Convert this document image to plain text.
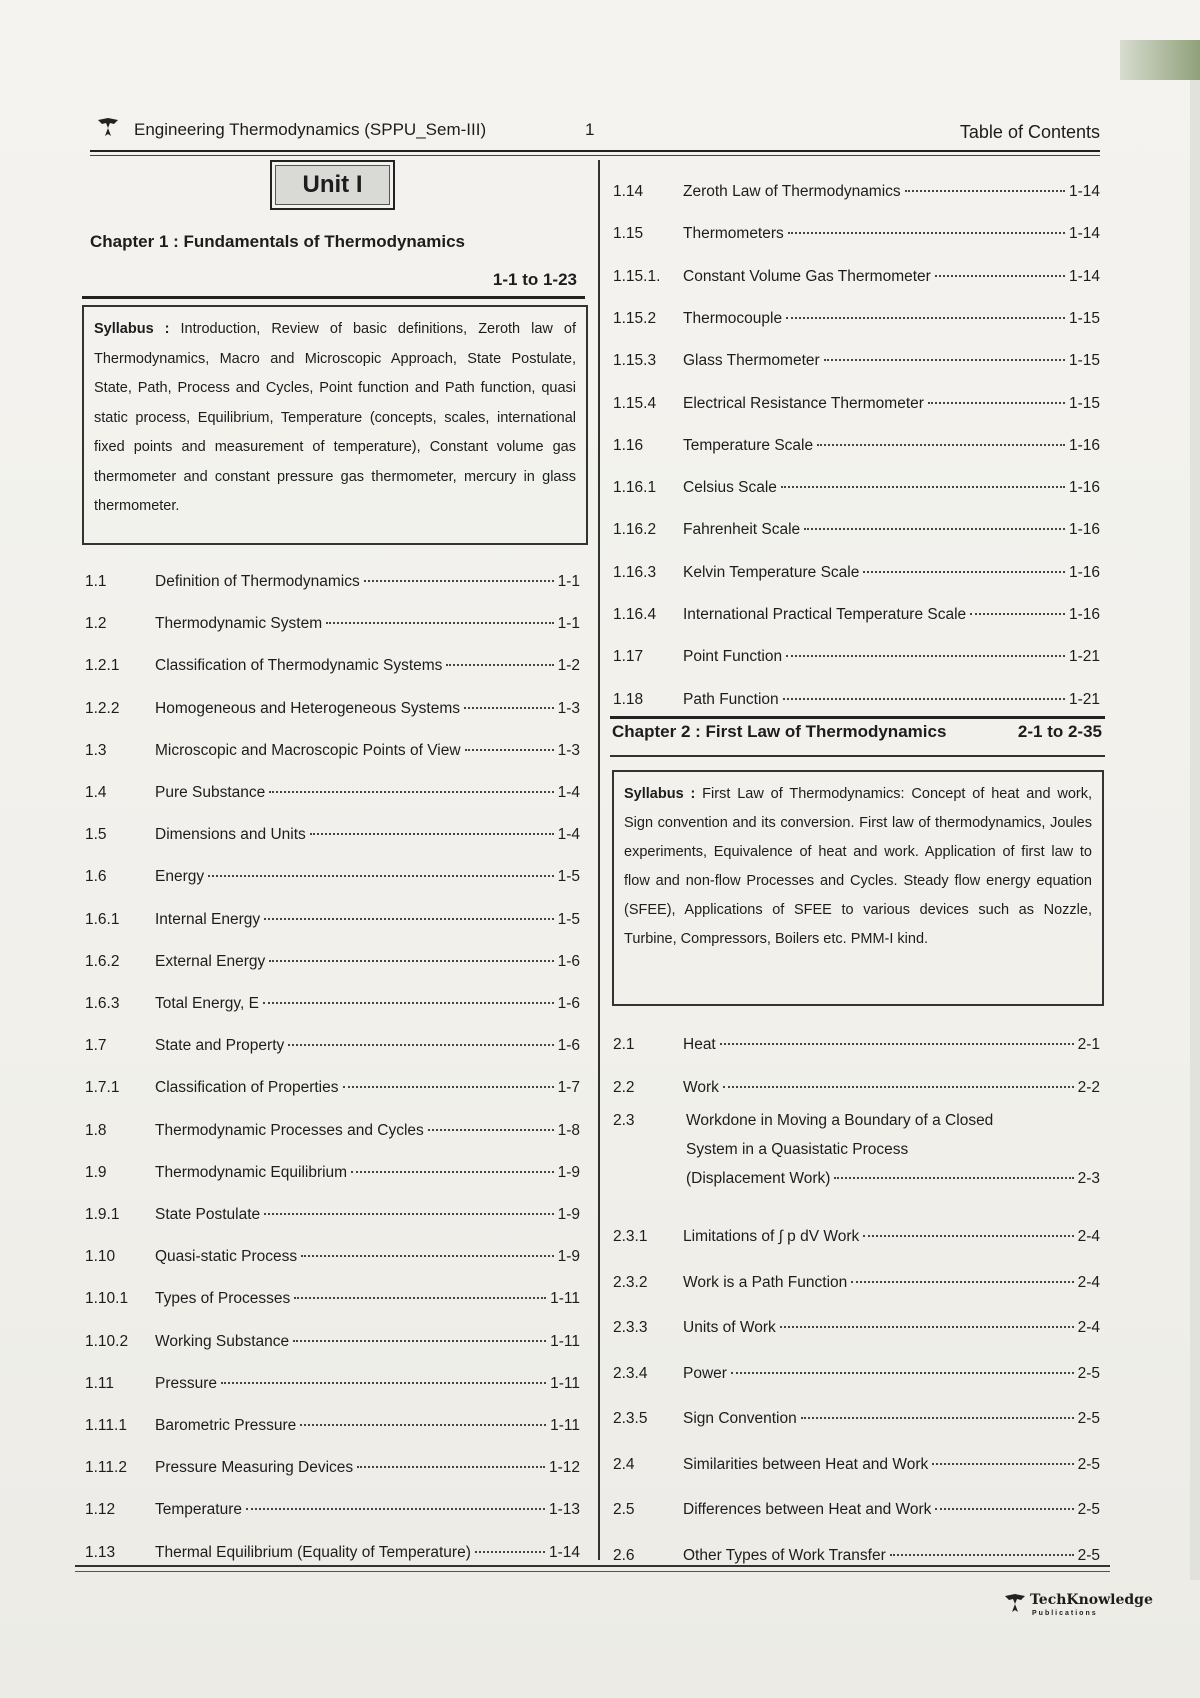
Engineering Thermodynamics (SPPU_Sem-III)	1	Table of Contents
Unit I
Chapter 1 : Fundamentals of Thermodynamics
1-1 to 1-23
Syllabus : Introduction, Review of basic definitions, Zeroth law of Thermodynamics, Macro and Microscopic Approach, State Postulate, State, Path, Process and Cycles, Point function and Path function, quasi static process, Equilibrium, Temperature (concepts, scales, international fixed points and measurement of temperature), Constant volume gas thermometer and constant pressure gas thermometer, mercury in glass thermometer.
1.1	Definition of Thermodynamics	1-1
1.2	Thermodynamic System	1-1
1.2.1	Classification of Thermodynamic Systems	1-2
1.2.2	Homogeneous and Heterogeneous Systems	1-3
1.3	Microscopic and Macroscopic Points of View	1-3
1.4	Pure Substance	1-4
1.5	Dimensions and Units	1-4
1.6	Energy	1-5
1.6.1	Internal Energy	1-5
1.6.2	External Energy	1-6
1.6.3	Total Energy, E	1-6
1.7	State and Property	1-6
1.7.1	Classification of Properties	1-7
1.8	Thermodynamic Processes and Cycles	1-8
1.9	Thermodynamic Equilibrium	1-9
1.9.1	State Postulate	1-9
1.10	Quasi-static Process	1-9
1.10.1	Types of Processes	1-11
1.10.2	Working Substance	1-11
1.11	Pressure	1-11
1.11.1	Barometric Pressure	1-11
1.11.2	Pressure Measuring Devices	1-12
1.12	Temperature	1-13
1.13	Thermal Equilibrium (Equality of Temperature)	1-14
1.14	Zeroth Law of Thermodynamics	1-14
1.15	Thermometers	1-14
1.15.1.	Constant Volume Gas Thermometer	1-14
1.15.2	Thermocouple	1-15
1.15.3	Glass Thermometer	1-15
1.15.4	Electrical Resistance Thermometer	1-15
1.16	Temperature Scale	1-16
1.16.1	Celsius Scale	1-16
1.16.2	Fahrenheit Scale	1-16
1.16.3	Kelvin Temperature Scale	1-16
1.16.4	International Practical Temperature Scale	1-16
1.17	Point Function	1-21
1.18	Path Function	1-21
Chapter 2 : First Law of Thermodynamics	2-1 to 2-35
Syllabus : First Law of Thermodynamics: Concept of heat and work, Sign convention and its conversion. First law of thermodynamics, Joules experiments, Equivalence of heat and work. Application of first law to flow and non-flow Processes and Cycles. Steady flow energy equation (SFEE), Applications of SFEE to various devices such as Nozzle, Turbine, Compressors, Boilers etc. PMM-I kind.
2.1	Heat	2-1
2.2	Work	2-2
2.3	Workdone in Moving a Boundary of a Closed
System in a Quasistatic Process
(Displacement Work)	2-3
2.3.1	Limitations of ∫ p dV Work	2-4
2.3.2	Work is a Path Function	2-4
2.3.3	Units of Work	2-4
2.3.4	Power	2-5
2.3.5	Sign Convention	2-5
2.4	Similarities between Heat and Work	2-5
2.5	Differences between Heat and Work	2-5
2.6	Other Types of Work Transfer	2-5
TechKnowledge
Publications
